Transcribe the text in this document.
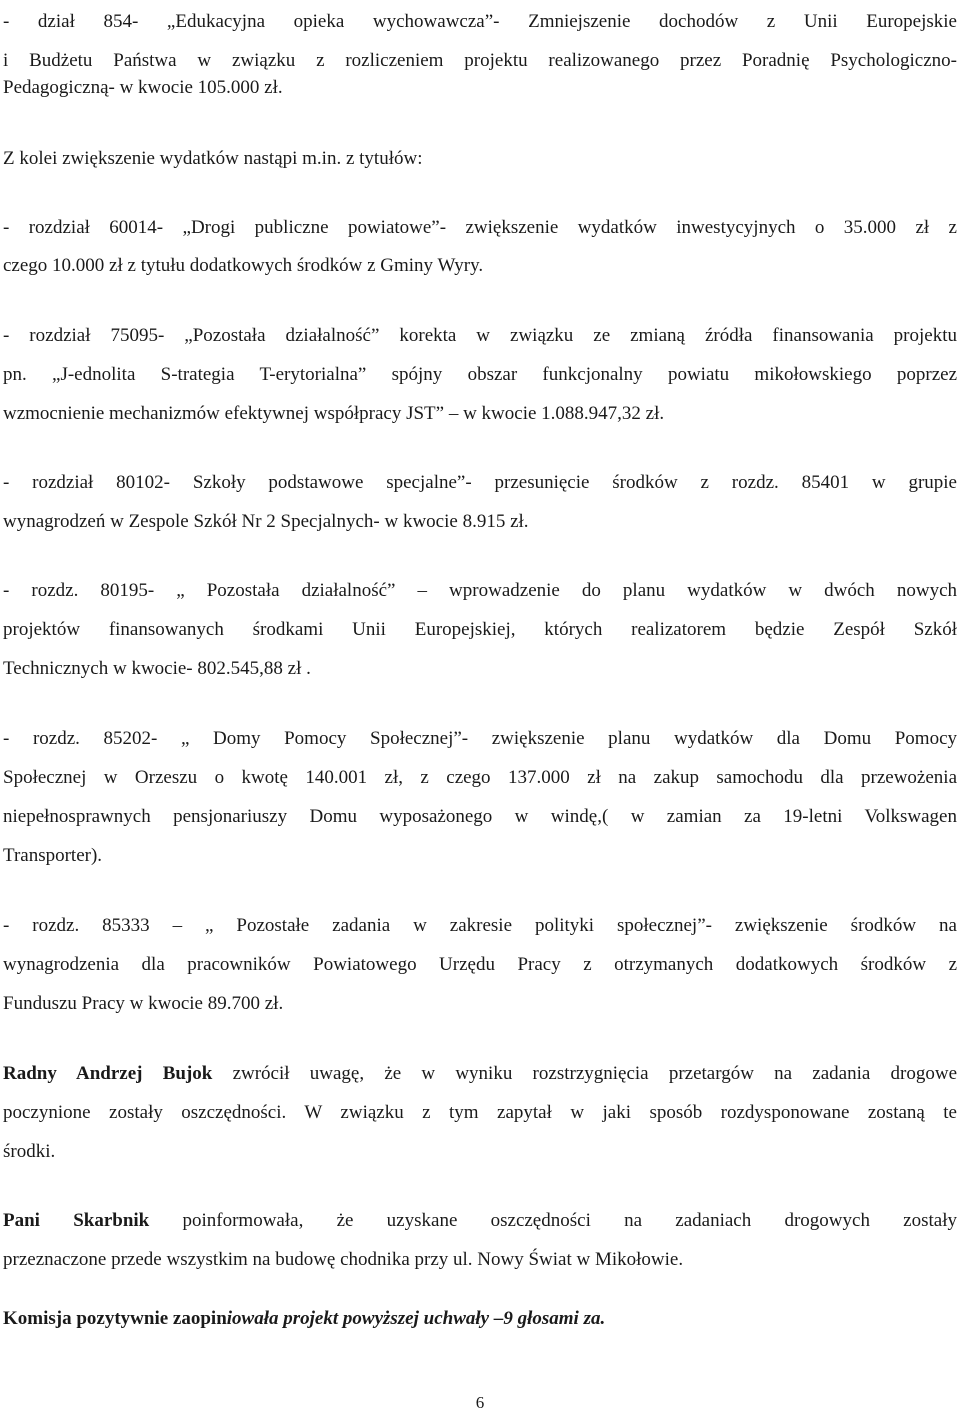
- dział 854- „Edukacyjna opieka wychowawcza”- Zmniejszenie dochodów z Unii Europejskie
i Budżetu Państwa w związku z rozliczeniem projektu realizowanego przez Poradnię Psychologiczno-
Pedagogiczną- w kwocie 105.000 zł.
Z kolei zwiększenie wydatków nastąpi m.in. z tytułów:
- rozdział 60014- „Drogi publiczne powiatowe”- zwiększenie wydatków inwestycyjnych o 35.000 zł z
czego 10.000 zł z tytułu dodatkowych środków z Gminy Wyry.
- rozdział 75095- „Pozostała działalność” korekta w związku ze zmianą źródła finansowania projektu
pn. „J-ednolita S-trategia T-erytorialna” spójny obszar funkcjonalny powiatu mikołowskiego poprzez
wzmocnienie mechanizmów efektywnej współpracy JST” – w kwocie 1.088.947,32 zł.
- rozdział 80102- Szkoły podstawowe specjalne”- przesunięcie środków z rozdz. 85401 w grupie
wynagrodzeń w Zespole Szkół Nr 2 Specjalnych- w kwocie 8.915 zł.
- rozdz. 80195- „ Pozostała działalność” – wprowadzenie do planu wydatków w dwóch nowych
projektów finansowanych środkami Unii Europejskiej, których realizatorem będzie Zespół Szkół
Technicznych w kwocie- 802.545,88 zł .
- rozdz. 85202- „ Domy Pomocy Społecznej”- zwiększenie planu wydatków dla Domu Pomocy
Społecznej w Orzeszu o kwotę 140.001 zł, z czego 137.000 zł na zakup samochodu dla przewożenia
niepełnosprawnych pensjonariuszy Domu wyposażonego w windę,( w zamian za 19-letni Volkswagen
Transporter).
- rozdz. 85333 – „ Pozostałe zadania w zakresie polityki społecznej”- zwiększenie środków na
wynagrodzenia dla pracowników Powiatowego Urzędu Pracy z otrzymanych dodatkowych środków z
Funduszu Pracy w kwocie 89.700 zł.
Radny Andrzej Bujok zwrócił uwagę, że w wyniku rozstrzygnięcia przetargów na zadania drogowe
poczynione zostały oszczędności. W związku z tym zapytał w jaki sposób rozdysponowane zostaną te
środki.
Pani Skarbnik poinformowała, że uzyskane oszczędności na zadaniach drogowych zostały
przeznaczone przede wszystkim na budowę chodnika przy ul. Nowy Świat w Mikołowie.
Komisja pozytywnie zaopiniowała projekt powyższej uchwały –9 głosami za.
6
